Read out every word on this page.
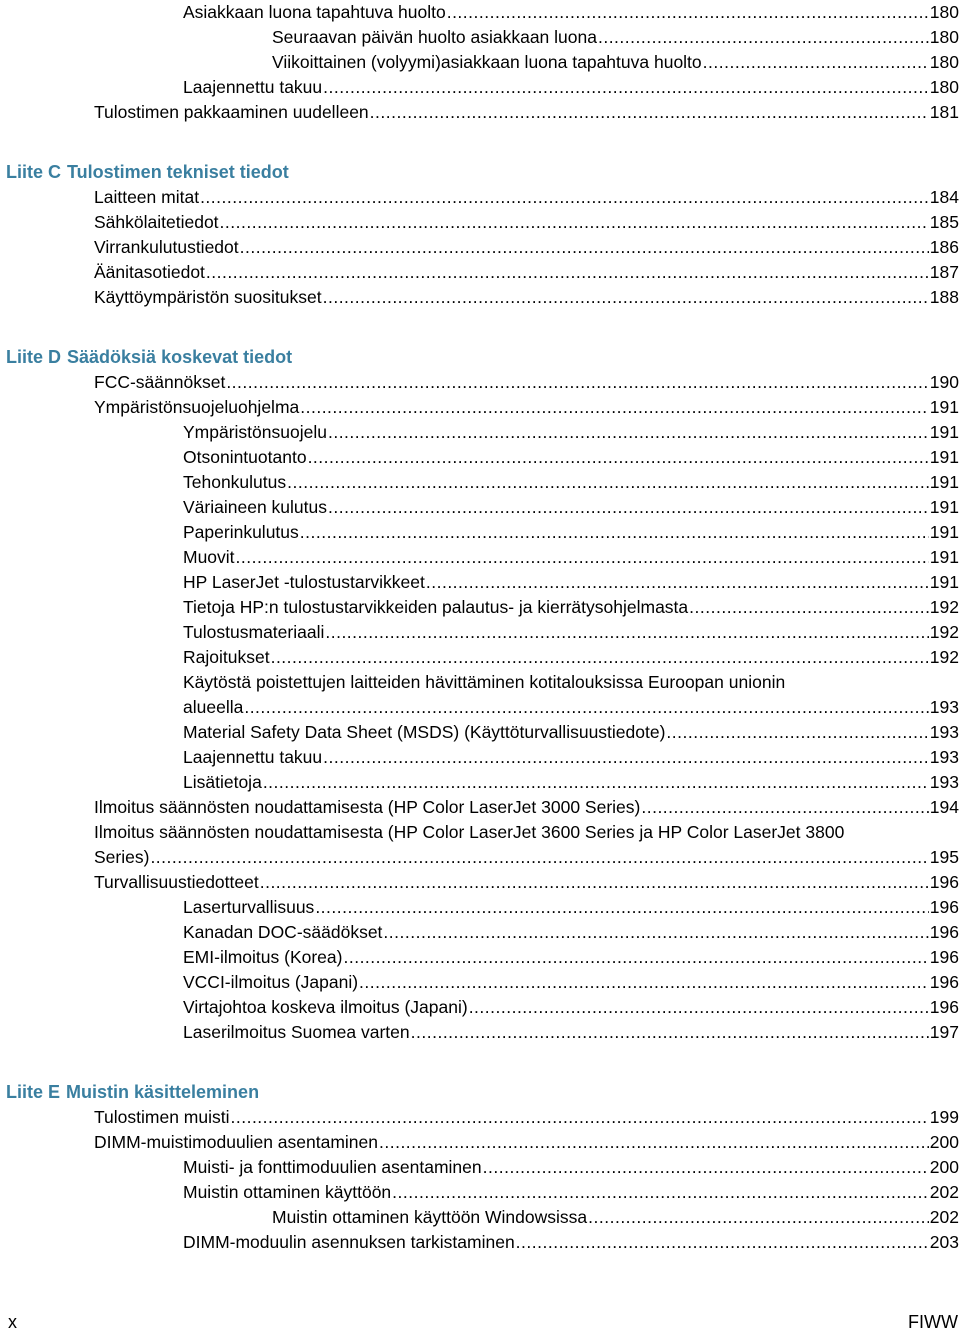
Asiakkaan luona tapahtuva huolto .....	180
Seuraavan päivän huolto asiakkaan luona .....	180
Viikoittainen (volyymi)asiakkaan luona tapahtuva huolto .....	180
Laajennettu takuu .....	180
Tulostimen pakkaaminen uudelleen .....	181
Liite C Tulostimen tekniset tiedot
Laitteen mitat .....	184
Sähkölaitetiedot .....	185
Virrankulutustiedot .....	186
Äänitasotiedot .....	187
Käyttöympäristön suositukset .....	188
Liite D Säädöksiä koskevat tiedot
FCC-säännökset .....	190
Ympäristönsuojeluohjelma .....	191
Ympäristönsuojelu .....	191
Otsonintuotanto .....	191
Tehonkulutus .....	191
Väriaineen kulutus .....	191
Paperinkulutus .....	191
Muovit .....	191
HP LaserJet -tulostustarvikkeet .....	191
Tietoja HP:n tulostustarvikkeiden palautus- ja kierrätysohjelmasta .....	192
Tulostusmateriaali .....	192
Rajoitukset .....	192
Käytöstä poistettujen laitteiden hävittäminen kotitalouksissa Euroopan unionin
alueella .....	193
Material Safety Data Sheet (MSDS) (Käyttöturvallisuustiedote) .....	193
Laajennettu takuu .....	193
Lisätietoja .....	193
Ilmoitus säännösten noudattamisesta (HP Color LaserJet 3000 Series) .....	194
Ilmoitus säännösten noudattamisesta (HP Color LaserJet 3600 Series ja HP Color LaserJet 3800
Series) .....	195
Turvallisuustiedotteet .....	196
Laserturvallisuus .....	196
Kanadan DOC-säädökset .....	196
EMI-ilmoitus (Korea) .....	196
VCCI-ilmoitus (Japani) .....	196
Virtajohtoa koskeva ilmoitus (Japani) .....	196
Laserilmoitus Suomea varten .....	197
Liite E Muistin käsitteleminen
Tulostimen muisti .....	199
DIMM-muistimoduulien asentaminen .....	200
Muisti- ja fonttimoduulien asentaminen .....	200
Muistin ottaminen käyttöön .....	202
Muistin ottaminen käyttöön Windowsissa .....	202
DIMM-moduulin asennuksen tarkistaminen .....	203
x	FIWW
